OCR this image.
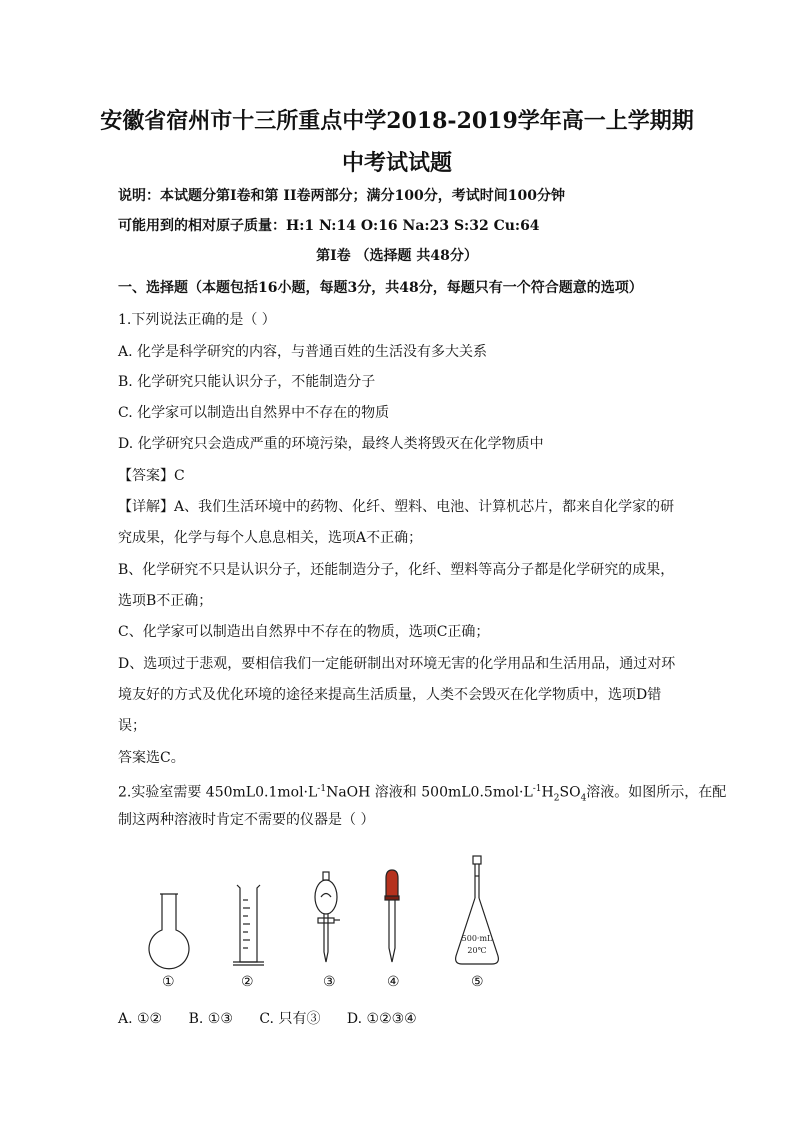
安徽省宿州市十三所重点中学2018-2019学年高一上学期期
中考试试题
说明：本试题分第Ⅰ卷和第 II卷两部分；满分100分，考试时间100分钟
可能用到的相对原子质量：H:1 N:14 O:16 Na:23 S:32 Cu:64
第Ⅰ卷 （选择题 共48分）
一、选择题（本题包括16小题，每题3分，共48分，每题只有一个符合题意的选项）
1.下列说法正确的是（ ）
A. 化学是科学研究的内容，与普通百姓的生活没有多大关系
B. 化学研究只能认识分子，不能制造分子
C. 化学家可以制造出自然界中不存在的物质
D. 化学研究只会造成严重的环境污染，最终人类将毁灭在化学物质中
【答案】C
【详解】A、我们生活环境中的药物、化纤、塑料、电池、计算机芯片，都来自化学家的研
究成果，化学与每个人息息相关，选项A不正确；
B、化学研究不只是认识分子，还能制造分子，化纤、塑料等高分子都是化学研究的成果，
选项B不正确；
C、化学家可以制造出自然界中不存在的物质，选项C正确；
D、选项过于悲观，要相信我们一定能研制出对环境无害的化学用品和生活用品，通过对环
境友好的方式及优化环境的途径来提高生活质量，人类不会毁灭在化学物质中，选项D错
误；
答案选C。
2.实验室需要 $450mL0.1mol\cdot L^{-1}NaOH$ 溶液和 $500mL0.5mol\cdot L^{-1}H_2SO_4$溶液。如图所示，在配
制这两种溶液时肯定不需要的仪器是（ ）
500·mL
20℃
①	②	③	④	⑤
A. ①② B. ①③ C. 只有③ D. ①②③④
